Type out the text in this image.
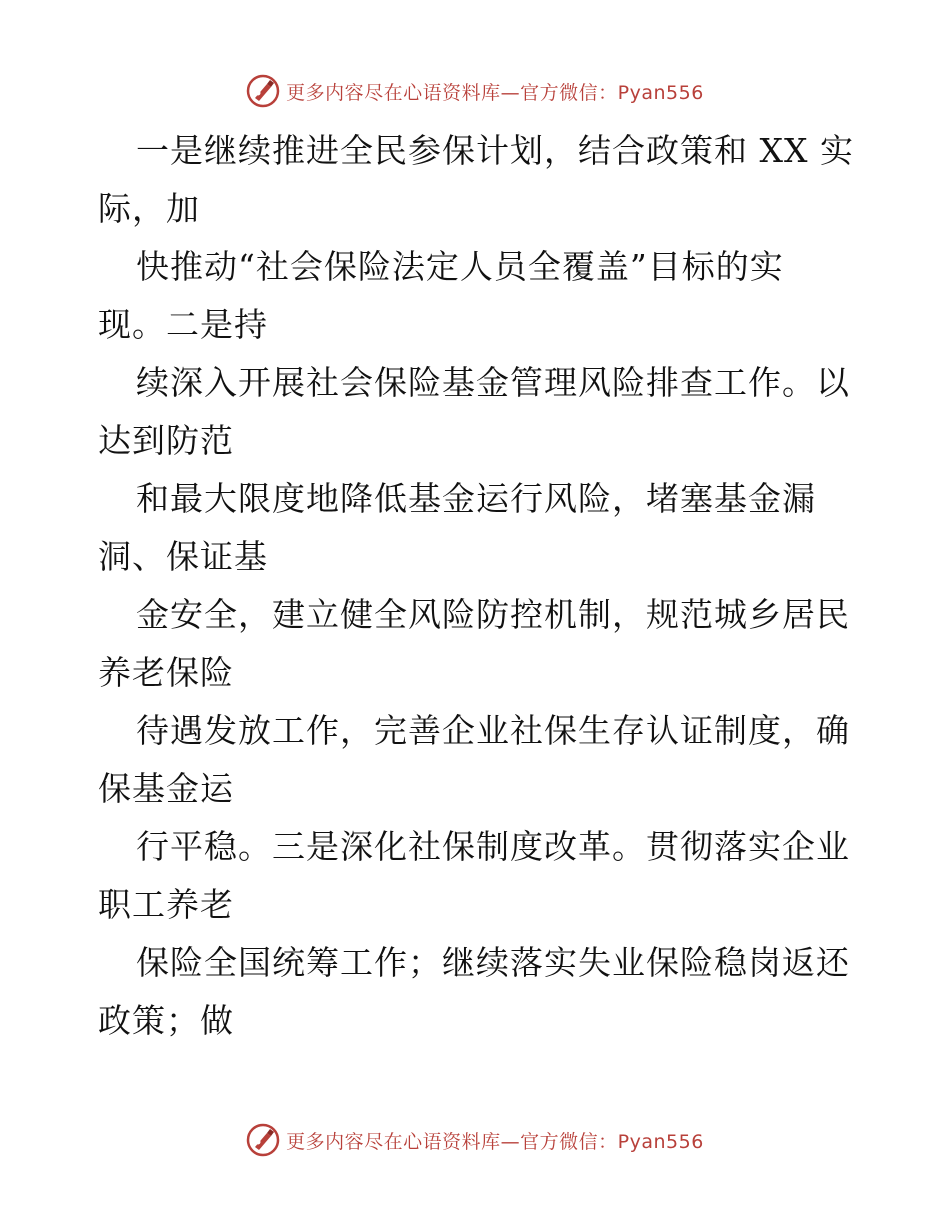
更多内容尽在心语资料库—官方微信：Pyan556

一是继续推进全民参保计划，结合政策和 XX 实

际，加

快推动“社会保险法定人员全覆盖”目标的实

现。二是持

续深入开展社会保险基金管理风险排查工作。以

达到防范

和最大限度地降低基金运行风险，堵塞基金漏

洞、保证基

金安全，建立健全风险防控机制，规范城乡居民

养老保险

待遇发放工作，完善企业社保生存认证制度，确

保基金运

行平稳。三是深化社保制度改革。贯彻落实企业

职工养老

保险全国统筹工作；继续落实失业保险稳岗返还

政策；做

更多内容尽在心语资料库—官方微信：Pyan556
